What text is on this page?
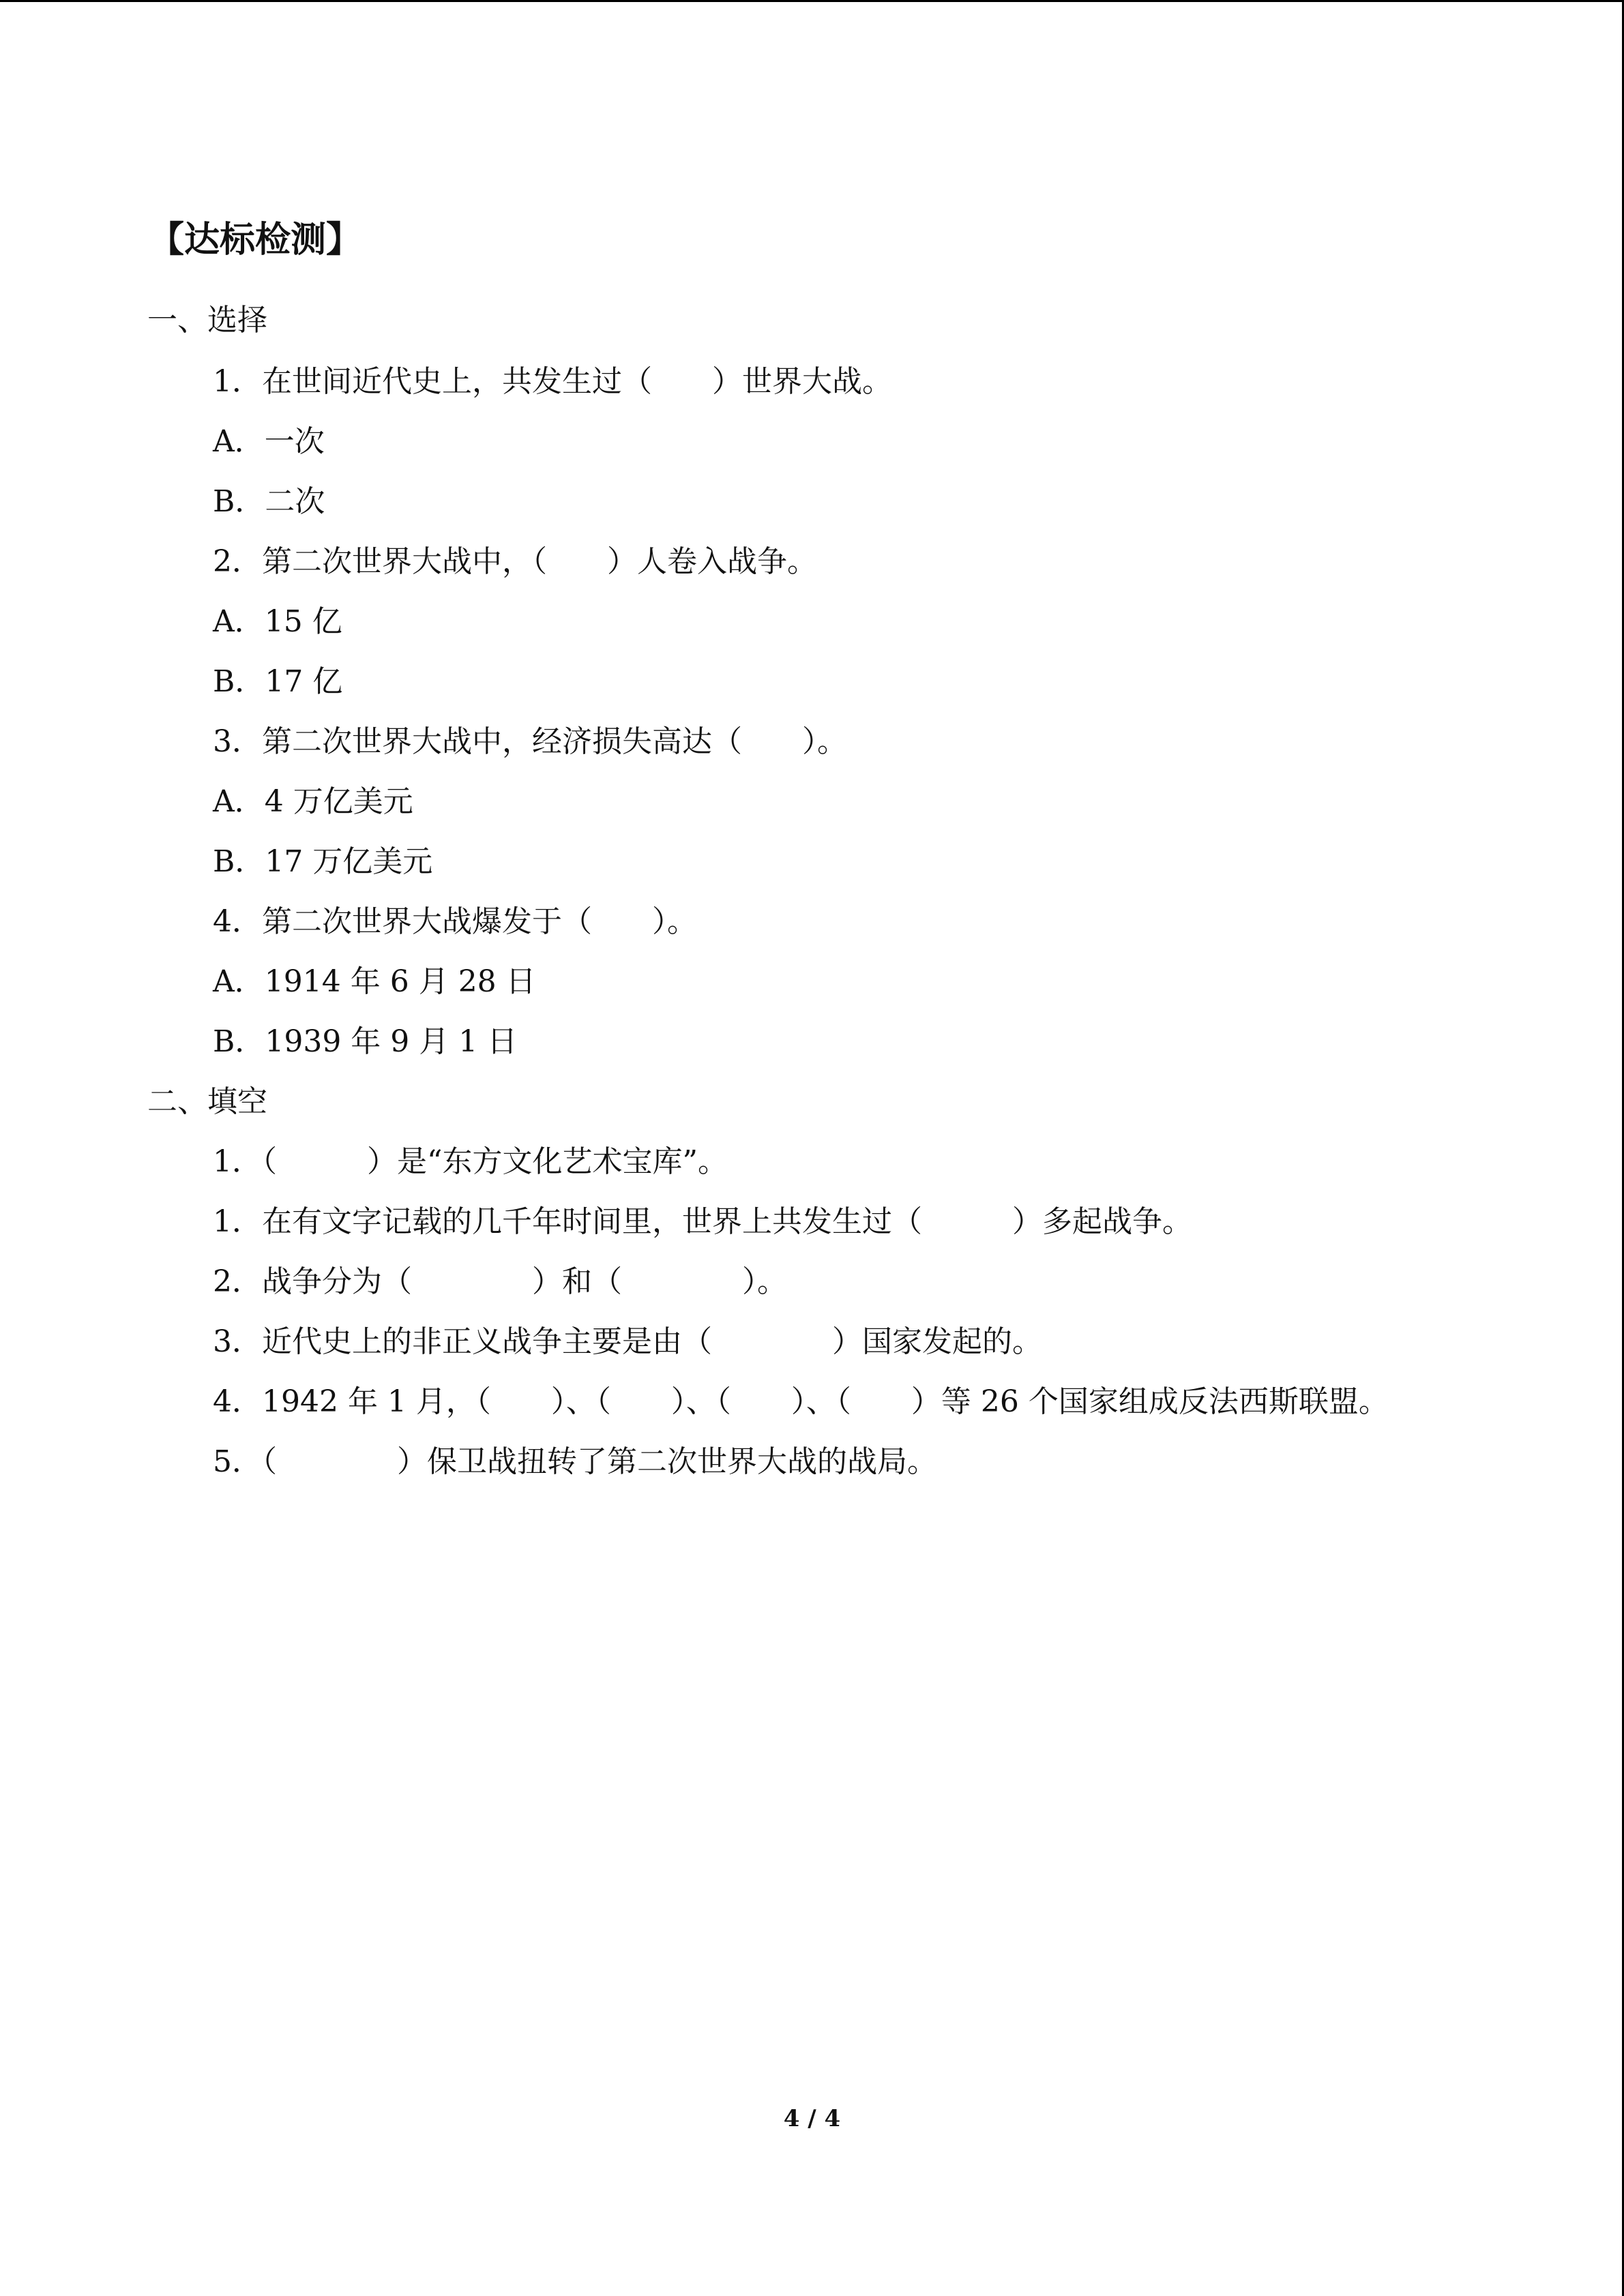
【达标检测】
一、选择
1．在世间近代史上，共发生过（　　）世界大战。
A．一次
B．二次
2．第二次世界大战中，（　　）人卷入战争。
A．15 亿
B．17 亿
3．第二次世界大战中，经济损失高达（　　）。
A．4 万亿美元
B．17 万亿美元
4．第二次世界大战爆发于（　　）。
A．1914 年 6 月 28 日
B．1939 年 9 月 1 日
二、填空
1．（　　　）是“东方文化艺术宝库”。
1．在有文字记载的几千年时间里，世界上共发生过（　　　）多起战争。
2．战争分为（　　　　）和（　　　　）。
3．近代史上的非正义战争主要是由（　　　　）国家发起的。
4．1942 年 1 月，（　　）、（　　）、（　　）、（　　）等 26 个国家组成反法西斯联盟。
5．（　　　　）保卫战扭转了第二次世界大战的战局。
4 / 4
